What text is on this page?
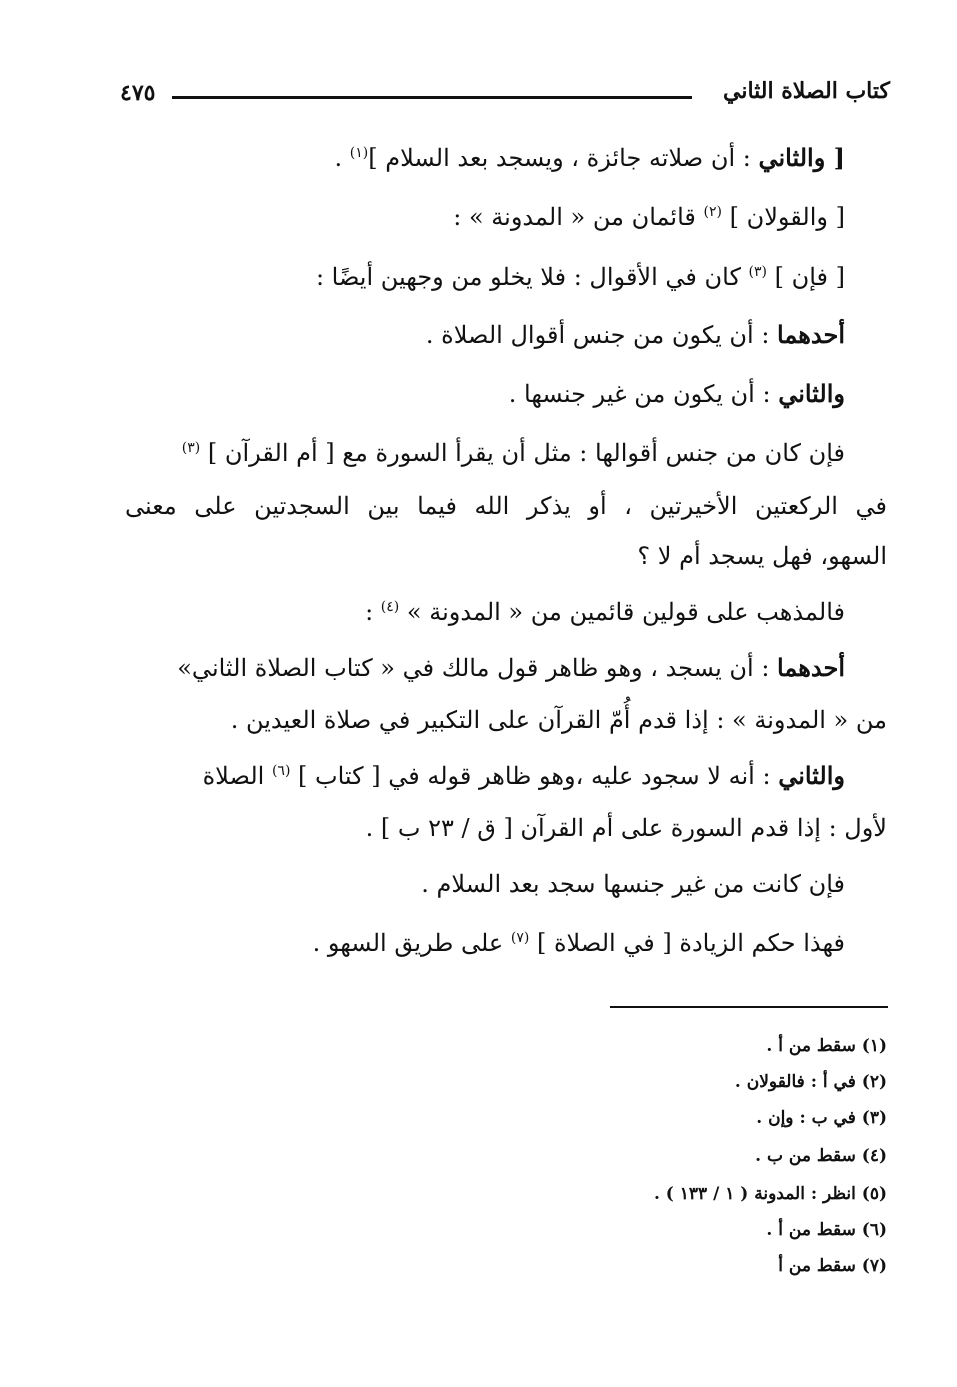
كتاب الصلاة الثاني
٤٧٥
[ والثاني : أن صلاته جائزة ، ويسجد بعد السلام ]$^{(١)}$ .
[ والقولان ] $^{(٢)}$ قائمان من « المدونة » :
[ فإن ] $^{(٣)}$ كان في الأقوال : فلا يخلو من وجهين أيضًا :
أحدهما : أن يكون من جنس أقوال الصلاة .
والثاني : أن يكون من غير جنسها .
فإن كان من جنس أقوالها : مثل أن يقرأ السورة مع [ أم القرآن ] $^{(٣)}$
في الركعتين الأخيرتين ، أو يذكر الله فيما بين السجدتين على معنى
السهو، فهل يسجد أم لا ؟
فالمذهب على قولين قائمين من « المدونة » $^{(٤)}$ :
أحدهما : أن يسجد ، وهو ظاهر قول مالك في « كتاب الصلاة الثاني»
من « المدونة » : إذا قدم أُمّ القرآن على التكبير في صلاة العيدين .
والثاني : أنه لا سجود عليه ،وهو ظاهر قوله في [ كتاب ] $^{(٦)}$ الصلاة
لأول : إذا قدم السورة على أم القرآن [ ق / ٢٣ ب ] .
فإن كانت من غير جنسها سجد بعد السلام .
فهذا حكم الزيادة [ في الصلاة ] $^{(٧)}$ على طريق السهو .
(١) سقط من أ .
(٢) في أ : فالقولان .
(٣) في ب : وإن .
(٤) سقط من ب .
(٥) انظر : المدونة ( ١ / ١٣٣ ) .
(٦) سقط من أ .
(٧) سقط من أ
